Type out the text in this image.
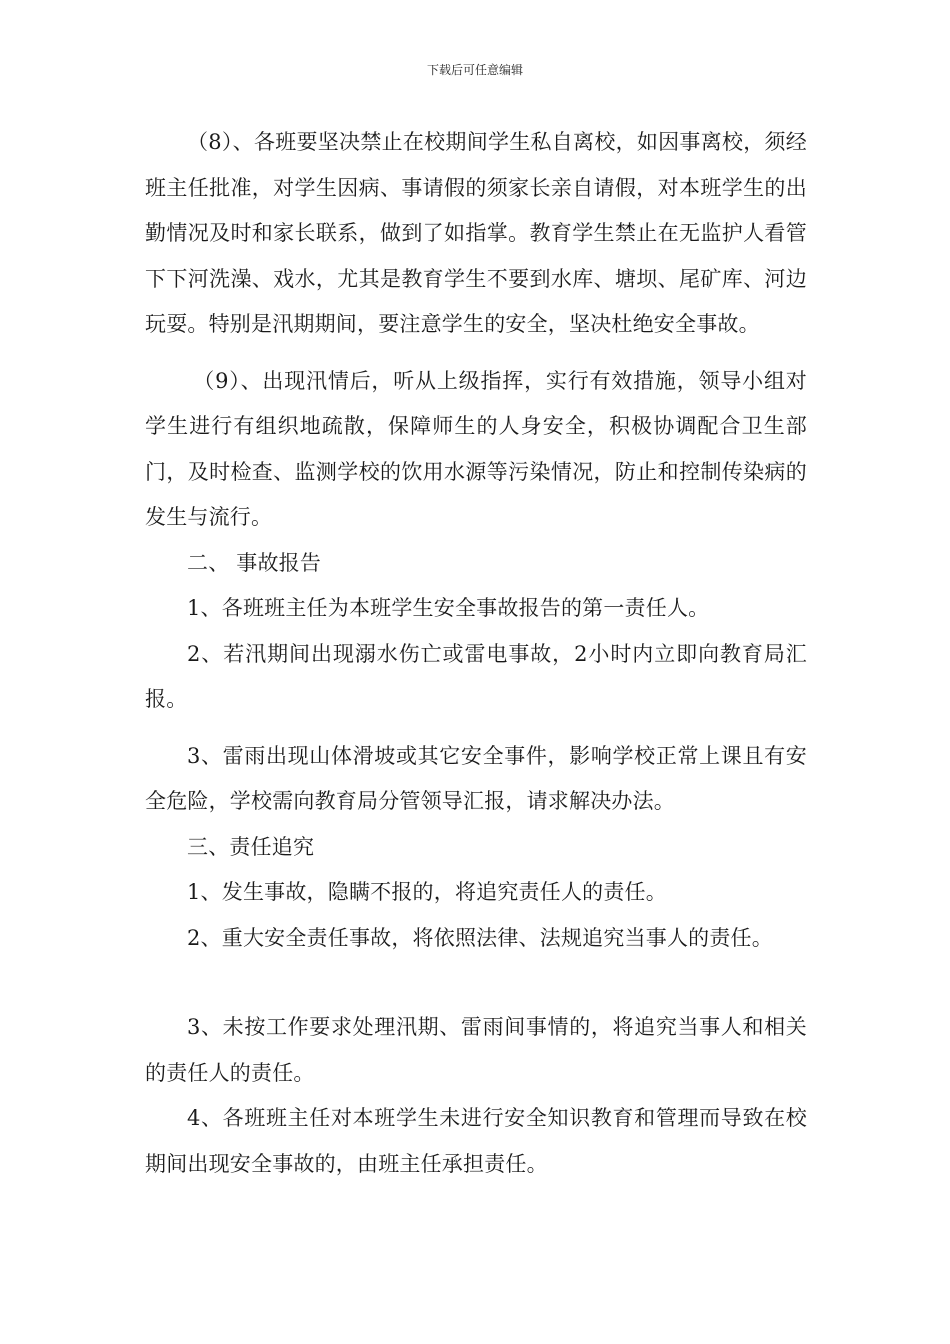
下载后可任意编辑

（8）、各班要坚决禁止在校期间学生私自离校，如因事离校，须经班主任批准，对学生因病、事请假的须家长亲自请假，对本班学生的出勤情况及时和家长联系，做到了如指掌。教育学生禁止在无监护人看管下下河洗澡、戏水，尤其是教育学生不要到水库、塘坝、尾矿库、河边玩耍。特别是汛期期间，要注意学生的安全，坚决杜绝安全事故。

（9）、出现汛情后，听从上级指挥，实行有效措施，领导小组对学生进行有组织地疏散，保障师生的人身安全，积极协调配合卫生部门，及时检查、监测学校的饮用水源等污染情况，防止和控制传染病的发生与流行。

二、 事故报告

1、各班班主任为本班学生安全事故报告的第一责任人。

2、若汛期间出现溺水伤亡或雷电事故，2小时内立即向教育局汇报。

3、雷雨出现山体滑坡或其它安全事件，影响学校正常上课且有安全危险，学校需向教育局分管领导汇报，请求解决办法。

三、责任追究

1、发生事故，隐瞒不报的，将追究责任人的责任。

2、重大安全责任事故，将依照法律、法规追究当事人的责任。

3、未按工作要求处理汛期、雷雨间事情的，将追究当事人和相关的责任人的责任。

4、各班班主任对本班学生未进行安全知识教育和管理而导致在校期间出现安全事故的，由班主任承担责任。
